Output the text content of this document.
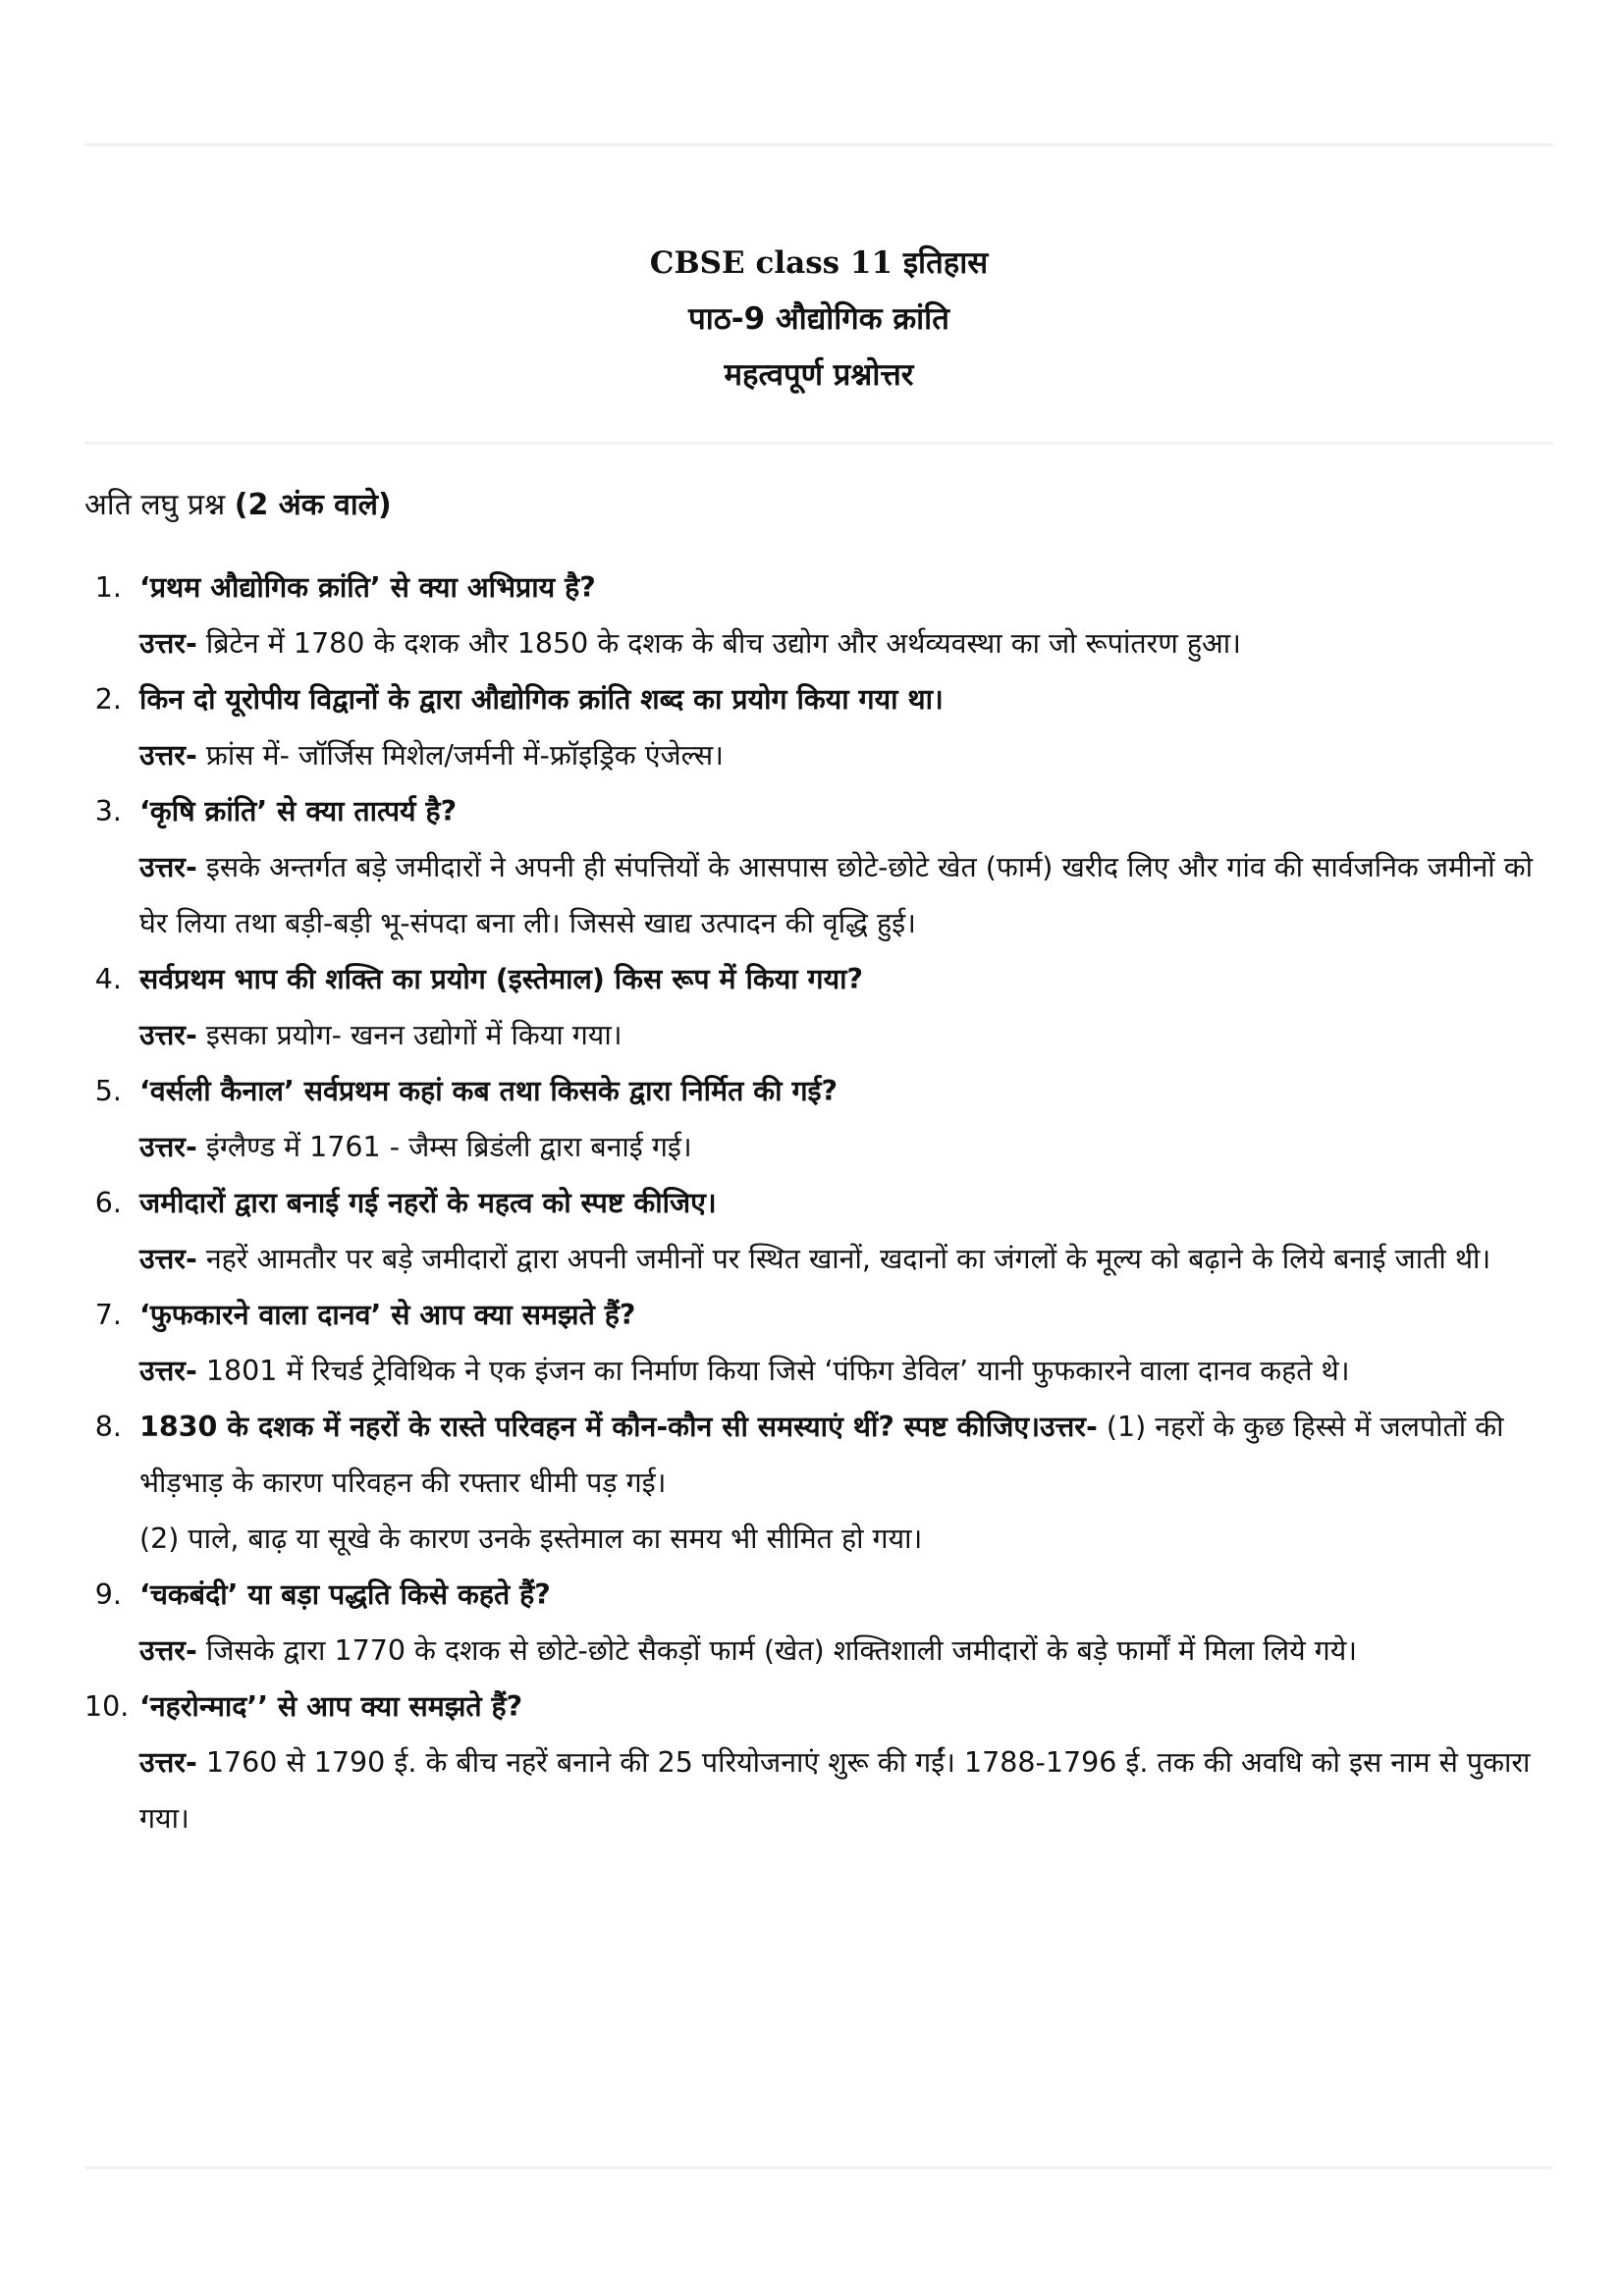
CBSE class 11 इतिहास
पाठ-9 औद्योगिक क्रांति
महत्वपूर्ण प्रश्नोत्तर
अति लघु प्रश्न (2 अंक वाले)
1. ‘प्रथम औद्योगिक क्रांति’ से क्या अभिप्राय है?
उत्तर- ब्रिटेन में 1780 के दशक और 1850 के दशक के बीच उद्योग और अर्थव्यवस्था का जो रूपांतरण हुआ।
2. किन दो यूरोपीय विद्वानों के द्वारा औद्योगिक क्रांति शब्द का प्रयोग किया गया था।
उत्तर- फ्रांस में- जॉर्जिस मिशेल/जर्मनी में-फ्रॉइड्रिक एंजेल्स।
3. ‘कृषि क्रांति’ से क्या तात्पर्य है?
उत्तर- इसके अन्तर्गत बड़े जमीदारों ने अपनी ही संपत्तियों के आसपास छोटे-छोटे खेत (फार्म) खरीद लिए और गांव की सार्वजनिक जमीनों को घेर लिया तथा बड़ी-बड़ी भू-संपदा बना ली। जिससे खाद्य उत्पादन की वृद्धि हुई।
4. सर्वप्रथम भाप की शक्ति का प्रयोग (इस्तेमाल) किस रूप में किया गया?
उत्तर- इसका प्रयोग- खनन उद्योगों में किया गया।
5. ‘वर्सली कैनाल’ सर्वप्रथम कहां कब तथा किसके द्वारा निर्मित की गई?
उत्तर- इंग्लैण्ड में 1761 - जैम्स ब्रिडंली द्वारा बनाई गई।
6. जमीदारों द्वारा बनाई गई नहरों के महत्व को स्पष्ट कीजिए।
उत्तर- नहरें आमतौर पर बड़े जमीदारों द्वारा अपनी जमीनों पर स्थित खानों, खदानों का जंगलों के मूल्य को बढ़ाने के लिये बनाई जाती थी।
7. ‘फुफकारने वाला दानव’ से आप क्या समझते हैं?
उत्तर- 1801 में रिचर्ड ट्रेविथिक ने एक इंजन का निर्माण किया जिसे ‘पंफिग डेविल’ यानी फुफकारने वाला दानव कहते थे।
8. 1830 के दशक में नहरों के रास्ते परिवहन में कौन-कौन सी समस्याएं थीं? स्पष्ट कीजिए।उत्तर- (1) नहरों के कुछ हिस्से में जलपोतों की भीड़भाड़ के कारण परिवहन की रफ्तार धीमी पड़ गई।
(2) पाले, बाढ़ या सूखे के कारण उनके इस्तेमाल का समय भी सीमित हो गया।
9. ‘चकबंदी’ या बड़ा पद्धति किसे कहते हैं?
उत्तर- जिसके द्वारा 1770 के दशक से छोटे-छोटे सैकड़ों फार्म (खेत) शक्तिशाली जमीदारों के बड़े फार्मों में मिला लिये गये।
10. ‘नहरोन्माद’’ से आप क्या समझते हैं?
उत्तर- 1760 से 1790 ई. के बीच नहरें बनाने की 25 परियोजनाएं शुरू की गईं। 1788-1796 ई. तक की अवधि को इस नाम से पुकारा गया।
